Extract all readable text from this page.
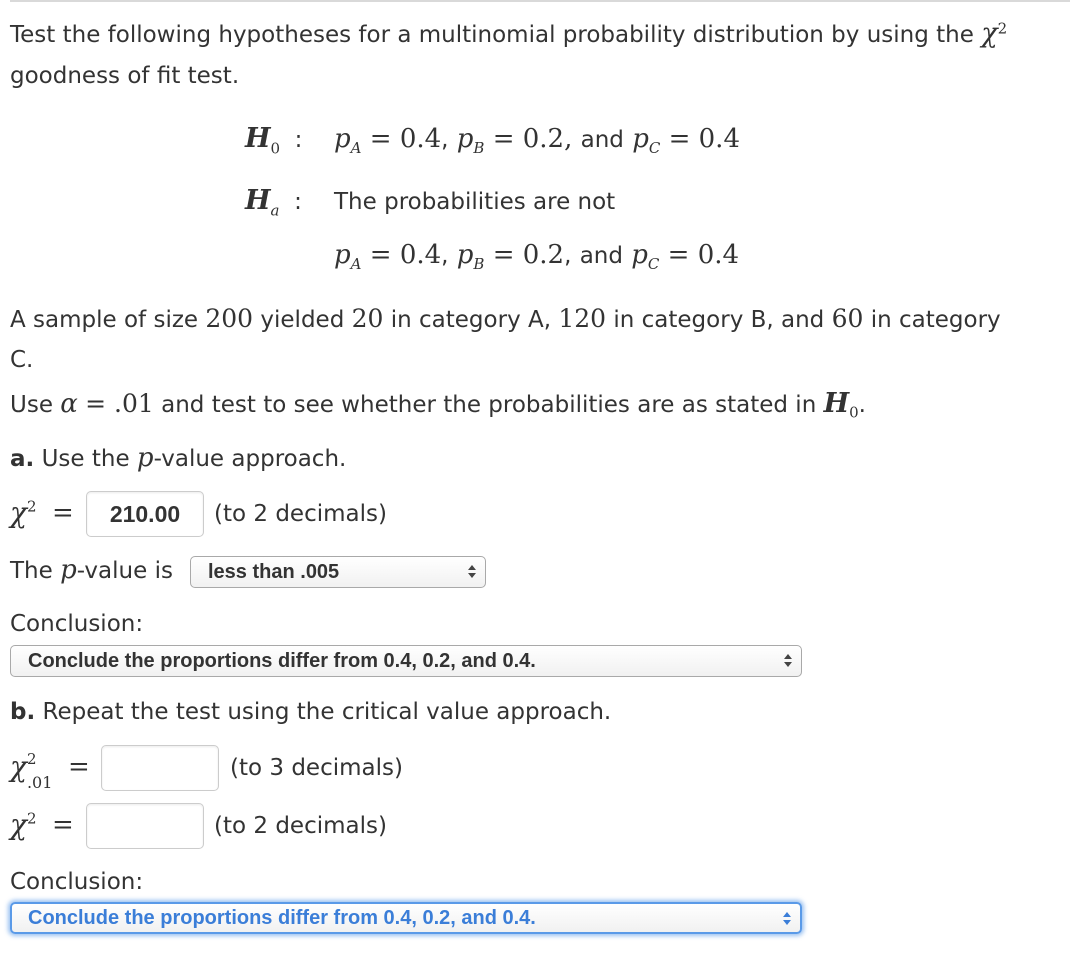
Test the following hypotheses for a multinomial probability distribution by using the $\chi^2$
goodness of fit test.
$H_0$ : $p_A = 0.4$, $p_B = 0.2$, and $p_C = 0.4$
$H_a$ : The probabilities are not
$p_A = 0.4$, $p_B = 0.2$, and $p_C = 0.4$
A sample of size 200 yielded 20 in category A, 120 in category B, and 60 in category
C.
Use α = .01 and test to see whether the probabilities are as stated in $H_0$.
a. Use the p-value approach.
$\chi^2$ =	210.00	(to 2 decimals)
The p-value is	less than .005
Conclusion:
Conclude the proportions differ from 0.4, 0.2, and 0.4.
b. Repeat the test using the critical value approach.
χ 2
.01
=	(to 3 decimals)
$\chi^2$ =	(to 2 decimals)
Conclusion:
Conclude the proportions differ from 0.4, 0.2, and 0.4.
